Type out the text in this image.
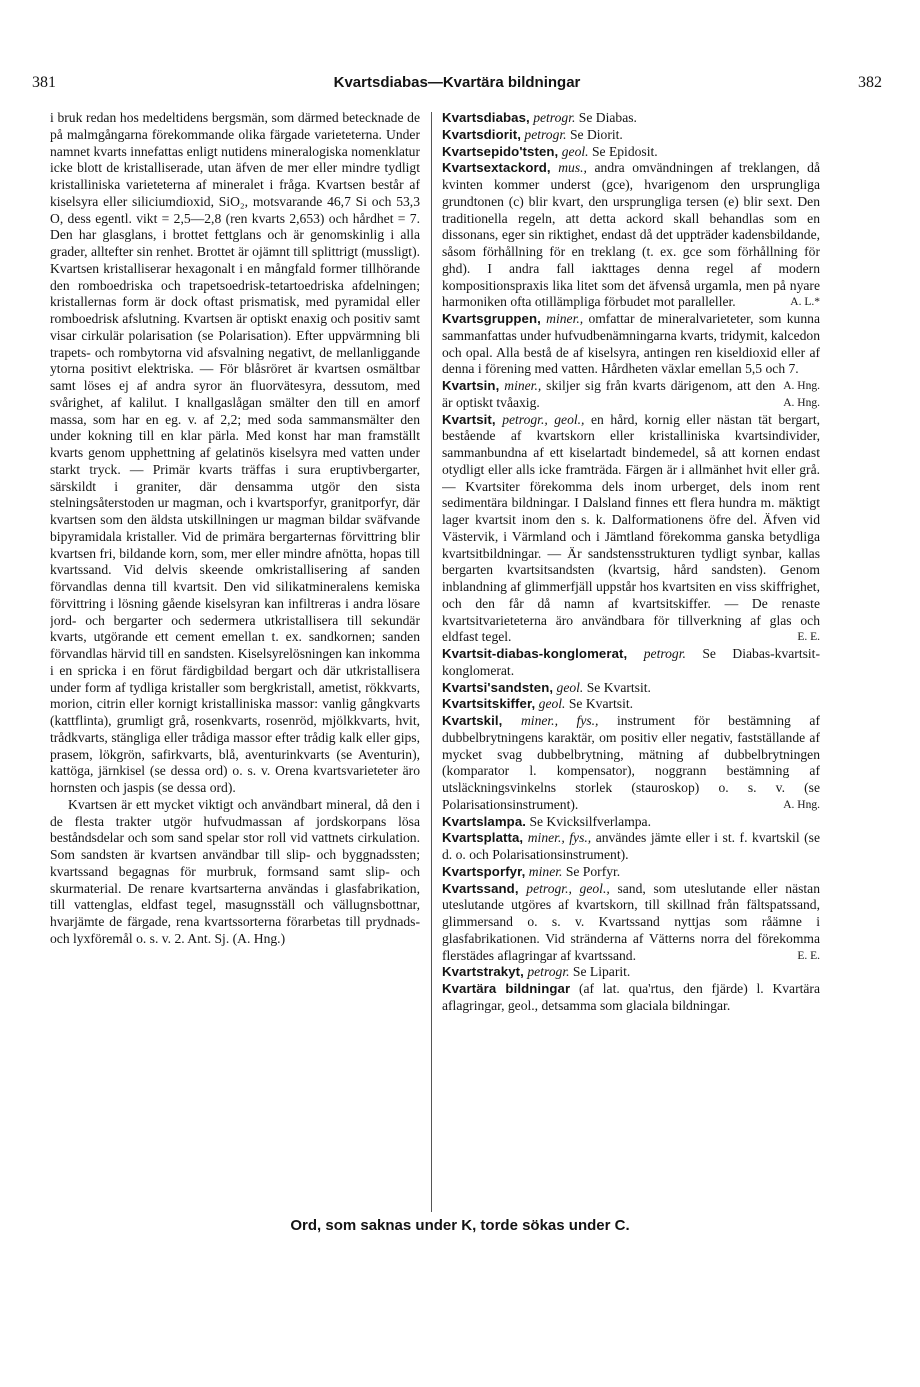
381	Kvartsdiabas—Kvartära bildningar	382

i bruk redan hos medeltidens bergsmän, som därmed betecknade de på malmgångarna förekommande olika färgade varieteterna. Under namnet kvarts innefattas enligt nutidens mineralogiska nomenklatur icke blott de kristalliserade, utan äfven de mer eller mindre tydligt kristalliniska varieteterna af mineralet i fråga. Kvartsen består af kiselsyra eller siliciumdioxid, SiO₂, motsvarande 46,7 Si och 53,3 O, dess egentl. vikt = 2,5—2,8 (ren kvarts 2,653) och hårdhet = 7. Den har glasglans, i brottet fettglans och är genomskinlig i alla grader, alltefter sin renhet. Brottet är ojämnt till splittrigt (mussligt). Kvartsen kristalliserar hexagonalt i en mångfald former tillhörande den romboedriska och trapetsoedrisk-tetartoedriska afdelningen; kristallernas form är dock oftast prismatisk, med pyramidal eller romboedrisk afslutning. Kvartsen är optiskt enaxig och positiv samt visar cirkulär polarisation (se Polarisation). Efter uppvärmning bli trapets- och rombytorna vid afsvalning negativt, de mellanliggande ytorna positivt elektriska. — För blåsröret är kvartsen osmältbar samt löses ej af andra syror än fluorvätesyra, dessutom, med svårighet, af kalilut. I knallgaslågan smälter den till en amorf massa, som har en eg. v. af 2,2; med soda sammansmälter den under kokning till en klar pärla. Med konst har man framställt kvarts genom upphettning af gelatinös kiselsyra med vatten under starkt tryck. — Primär kvarts träffas i sura eruptivbergarter, särskildt i graniter, där densamma utgör den sista stelningsåterstoden ur magman, och i kvartsporfyr, granitporfyr, där kvartsen som den äldsta utskillningen ur magman bildar sväfvande bipyramidala kristaller. Vid de primära bergarternas förvittring blir kvartsen fri, bildande korn, som, mer eller mindre afnötta, hopas till kvartssand. Vid delvis skeende omkristallisering af sanden förvandlas denna till kvartsit. Den vid silikatmineralens kemiska förvittring i lösning gående kiselsyran kan infiltreras i andra lösare jord- och bergarter och sedermera utkristallisera till sekundär kvarts, utgörande ett cement emellan t. ex. sandkornen; sanden förvandlas härvid till en sandsten. Kiselsyrelösningen kan inkomma i en spricka i en förut färdigbildad bergart och där utkristallisera under form af tydliga kristaller som bergkristall, ametist, rökkvarts, morion, citrin eller kornigt kristalliniska massor: vanlig gångkvarts (kattflinta), grumligt grå, rosenkvarts, rosenröd, mjölkkvarts, hvit, trådkvarts, stängliga eller trådiga massor efter trådig kalk eller gips, prasem, lökgrön, safirkvarts, blå, aventurinkvarts (se Aventurin), kattöga, järnkisel (se dessa ord) o. s. v. Orena kvartsvarieteter äro hornsten och jaspis (se dessa ord).

Kvartsen är ett mycket viktigt och användbart mineral, då den i de flesta trakter utgör hufvudmassan af jordskorpans lösa beståndsdelar och som sand spelar stor roll vid vattnets cirkulation. Som sandsten är kvartsen användbar till slip- och byggnadssten; kvartssand begagnas för murbruk, formsand samt slip- och skurmaterial. De renare kvartsarterna användas i glasfabrikation, till vattenglas, eldfast tegel, masugnsställ och vällugnsbottnar, hvarjämte de färgade, rena kvartssorterna förarbetas till prydnads- och lyxföremål o. s. v. 2. Ant. Sj. (A. Hng.)

Kvartsdiabas, petrogr. Se Diabas.

Kvartsdiorit, petrogr. Se Diorit.

Kvartsepido'tsten, geol. Se Epidosit.

Kvartsextackord, mus., andra omvändningen af treklangen, då kvinten kommer underst (gce), hvarigenom den ursprungliga grundtonen (c) blir kvart, den ursprungliga tersen (e) blir sext. Den traditionella regeln, att detta ackord skall behandlas som en dissonans, eger sin riktighet, endast då det uppträder kadensbildande, såsom förhållning för en treklang (t. ex. gce som förhållning för ghd). I andra fall iakttages denna regel af modern kompositionspraxis lika litet som det äfvenså urgamla, men på nyare harmoniken ofta otillämpliga förbudet mot paralleller.	A. L.*

Kvartsgruppen, miner., omfattar de mineralvarieteter, som kunna sammanfattas under hufvudbenämningarna kvarts, tridymit, kalcedon och opal. Alla bestå de af kiselsyra, antingen ren kiseldioxid eller af denna i förening med vatten. Hårdheten växlar emellan 5,5 och 7.
A. Hng.

Kvartsin, miner., skiljer sig från kvarts därigenom, att den är optiskt tvåaxig.	A. Hng.

Kvartsit, petrogr., geol., en hård, kornig eller nästan tät bergart, bestående af kvartskorn eller kristalliniska kvartsindivider, sammanbundna af ett kiselartadt bindemedel, så att kornen endast otydligt eller alls icke framträda. Färgen är i allmänhet hvit eller grå. — Kvartsiter förekomma dels inom urberget, dels inom rent sedimentära bildningar. I Dalsland finnes ett flera hundra m. mäktigt lager kvartsit inom den s. k. Dalformationens öfre del. Äfven vid Västervik, i Värmland och i Jämtland förekomma ganska betydliga kvartsitbildningar. — Är sandstensstrukturen tydligt synbar, kallas bergarten kvartsitsandsten (kvartsig, hård sandsten). Genom inblandning af glimmerfjäll uppstår hos kvartsiten en viss skiffrighet, och den får då namn af kvartsitskiffer. — De renaste kvartsitvarieteterna äro användbara för tillverkning af glas och eldfast tegel.	E. E.

Kvartsit-diabas-konglomerat, petrogr. Se Diabas-kvartsit-konglomerat.

Kvartsi'sandsten, geol. Se Kvartsit.

Kvartsitskiffer, geol. Se Kvartsit.

Kvartskil, miner., fys., instrument för bestämning af dubbelbrytningens karaktär, om positiv eller negativ, fastställande af mycket svag dubbelbrytning, mätning af dubbelbrytningen (komparator l. kompensator), noggrann bestämning af utsläckningsvinkelns storlek (stauroskop) o. s. v. (se Polarisationsinstrument).	A. Hng.

Kvartslampa. Se Kvicksilfverlampa.

Kvartsplatta, miner., fys., användes jämte eller i st. f. kvartskil (se d. o. och Polarisationsinstrument).

Kvartsporfyr, miner. Se Porfyr.

Kvartssand, petrogr., geol., sand, som uteslutande eller nästan uteslutande utgöres af kvartskorn, till skillnad från fältspatssand, glimmersand o. s. v. Kvartssand nyttjas som råämne i glasfabrikationen. Vid stränderna af Vätterns norra del förekomma flerstädes aflagringar af kvartssand.	E. E.

Kvartstrakyt, petrogr. Se Liparit.

Kvartära bildningar (af lat. qua'rtus, den fjärde) l. Kvartära aflagringar, geol., detsamma som glaciala bildningar.

Ord, som saknas under K, torde sökas under C.
